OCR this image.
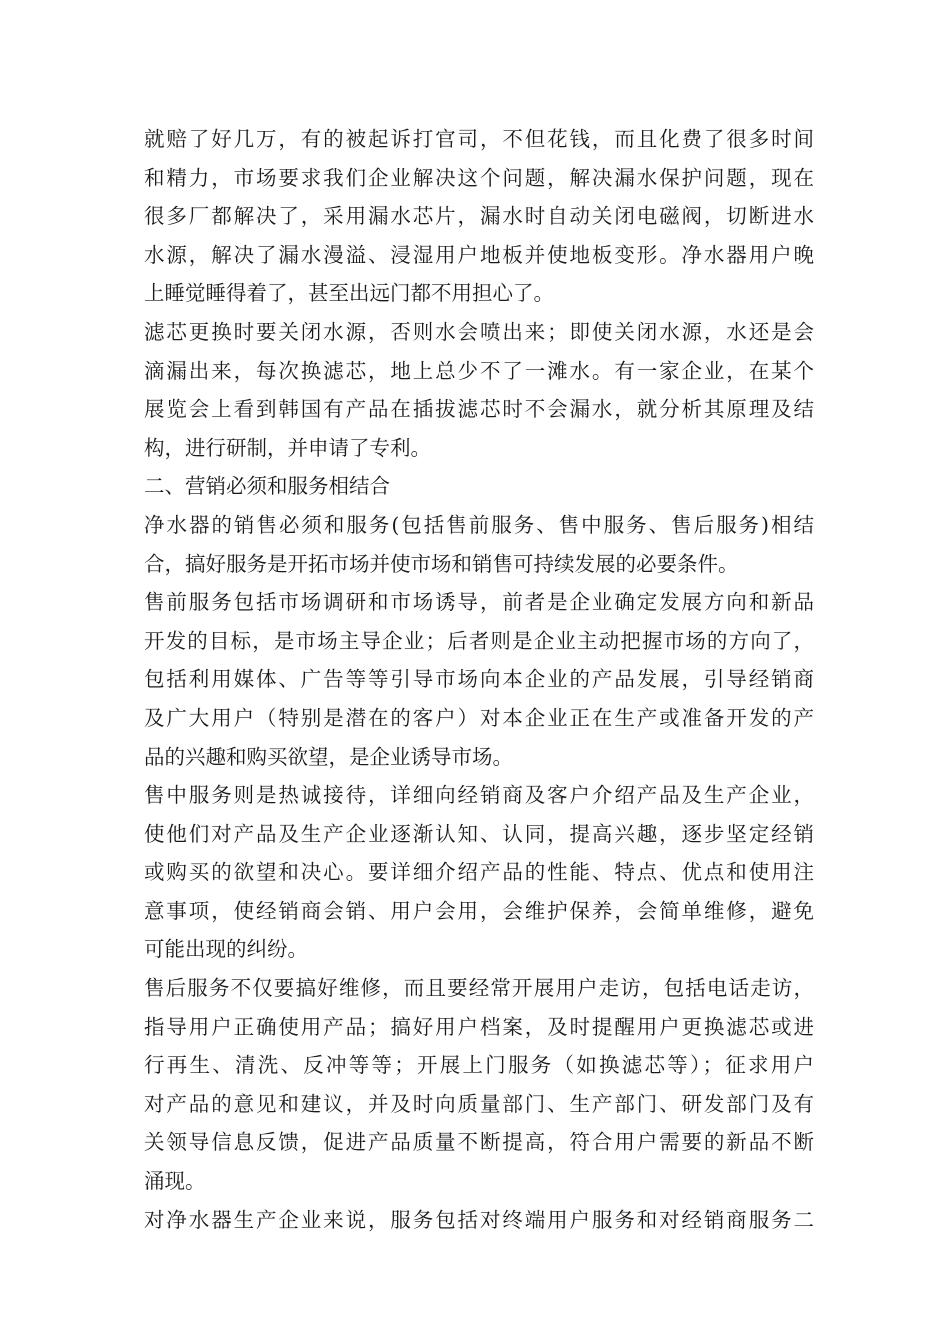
就赔了好几万，有的被起诉打官司，不但花钱，而且化费了很多时间
和精力，市场要求我们企业解决这个问题，解决漏水保护问题，现在
很多厂都解决了，采用漏水芯片，漏水时自动关闭电磁阀，切断进水
水源，解决了漏水漫溢、浸湿用户地板并使地板变形。净水器用户晚
上睡觉睡得着了，甚至出远门都不用担心了。
滤芯更换时要关闭水源，否则水会喷出来；即使关闭水源，水还是会
滴漏出来，每次换滤芯，地上总少不了一滩水。有一家企业，在某个
展览会上看到韩国有产品在插拔滤芯时不会漏水，就分析其原理及结
构，进行研制，并申请了专利。
二、营销必须和服务相结合
净水器的销售必须和服务(包括售前服务、售中服务、售后服务)相结
合，搞好服务是开拓市场并使市场和销售可持续发展的必要条件。
售前服务包括市场调研和市场诱导，前者是企业确定发展方向和新品
开发的目标，是市场主导企业；后者则是企业主动把握市场的方向了，
包括利用媒体、广告等等引导市场向本企业的产品发展，引导经销商
及广大用户（特别是潜在的客户）对本企业正在生产或准备开发的产
品的兴趣和购买欲望，是企业诱导市场。
售中服务则是热诚接待，详细向经销商及客户介绍产品及生产企业，
使他们对产品及生产企业逐渐认知、认同，提高兴趣，逐步坚定经销
或购买的欲望和决心。要详细介绍产品的性能、特点、优点和使用注
意事项，使经销商会销、用户会用，会维护保养，会简单维修，避免
可能出现的纠纷。
售后服务不仅要搞好维修，而且要经常开展用户走访，包括电话走访，
指导用户正确使用产品；搞好用户档案，及时提醒用户更换滤芯或进
行再生、清洗、反冲等等；开展上门服务（如换滤芯等）；征求用户
对产品的意见和建议，并及时向质量部门、生产部门、研发部门及有
关领导信息反馈，促进产品质量不断提高，符合用户需要的新品不断
涌现。
对净水器生产企业来说，服务包括对终端用户服务和对经销商服务二
